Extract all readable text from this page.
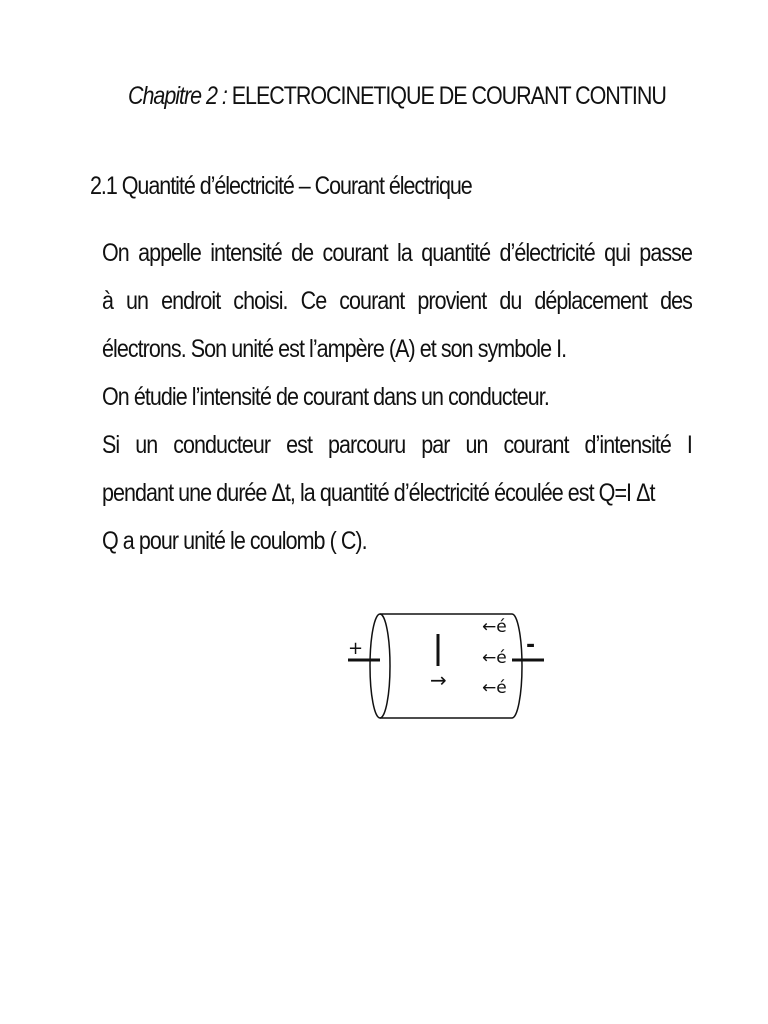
Chapitre 2 : ELECTROCINETIQUE DE COURANT CONTINU
2.1 Quantité d’électricité – Courant électrique
On appelle intensité de courant la quantité d’électricité qui passe
à un endroit choisi. Ce courant provient du déplacement des
électrons. Son unité est l’ampère (A) et son symbole I.
On étudie l’intensité de courant dans un conducteur.
Si un conducteur est parcouru par un courant d’intensité I
pendant une durée Δt, la quantité d’électricité écoulée est Q=I Δt
Q a pour unité le coulomb ( C).
+	-
→
←é
←é
←é
